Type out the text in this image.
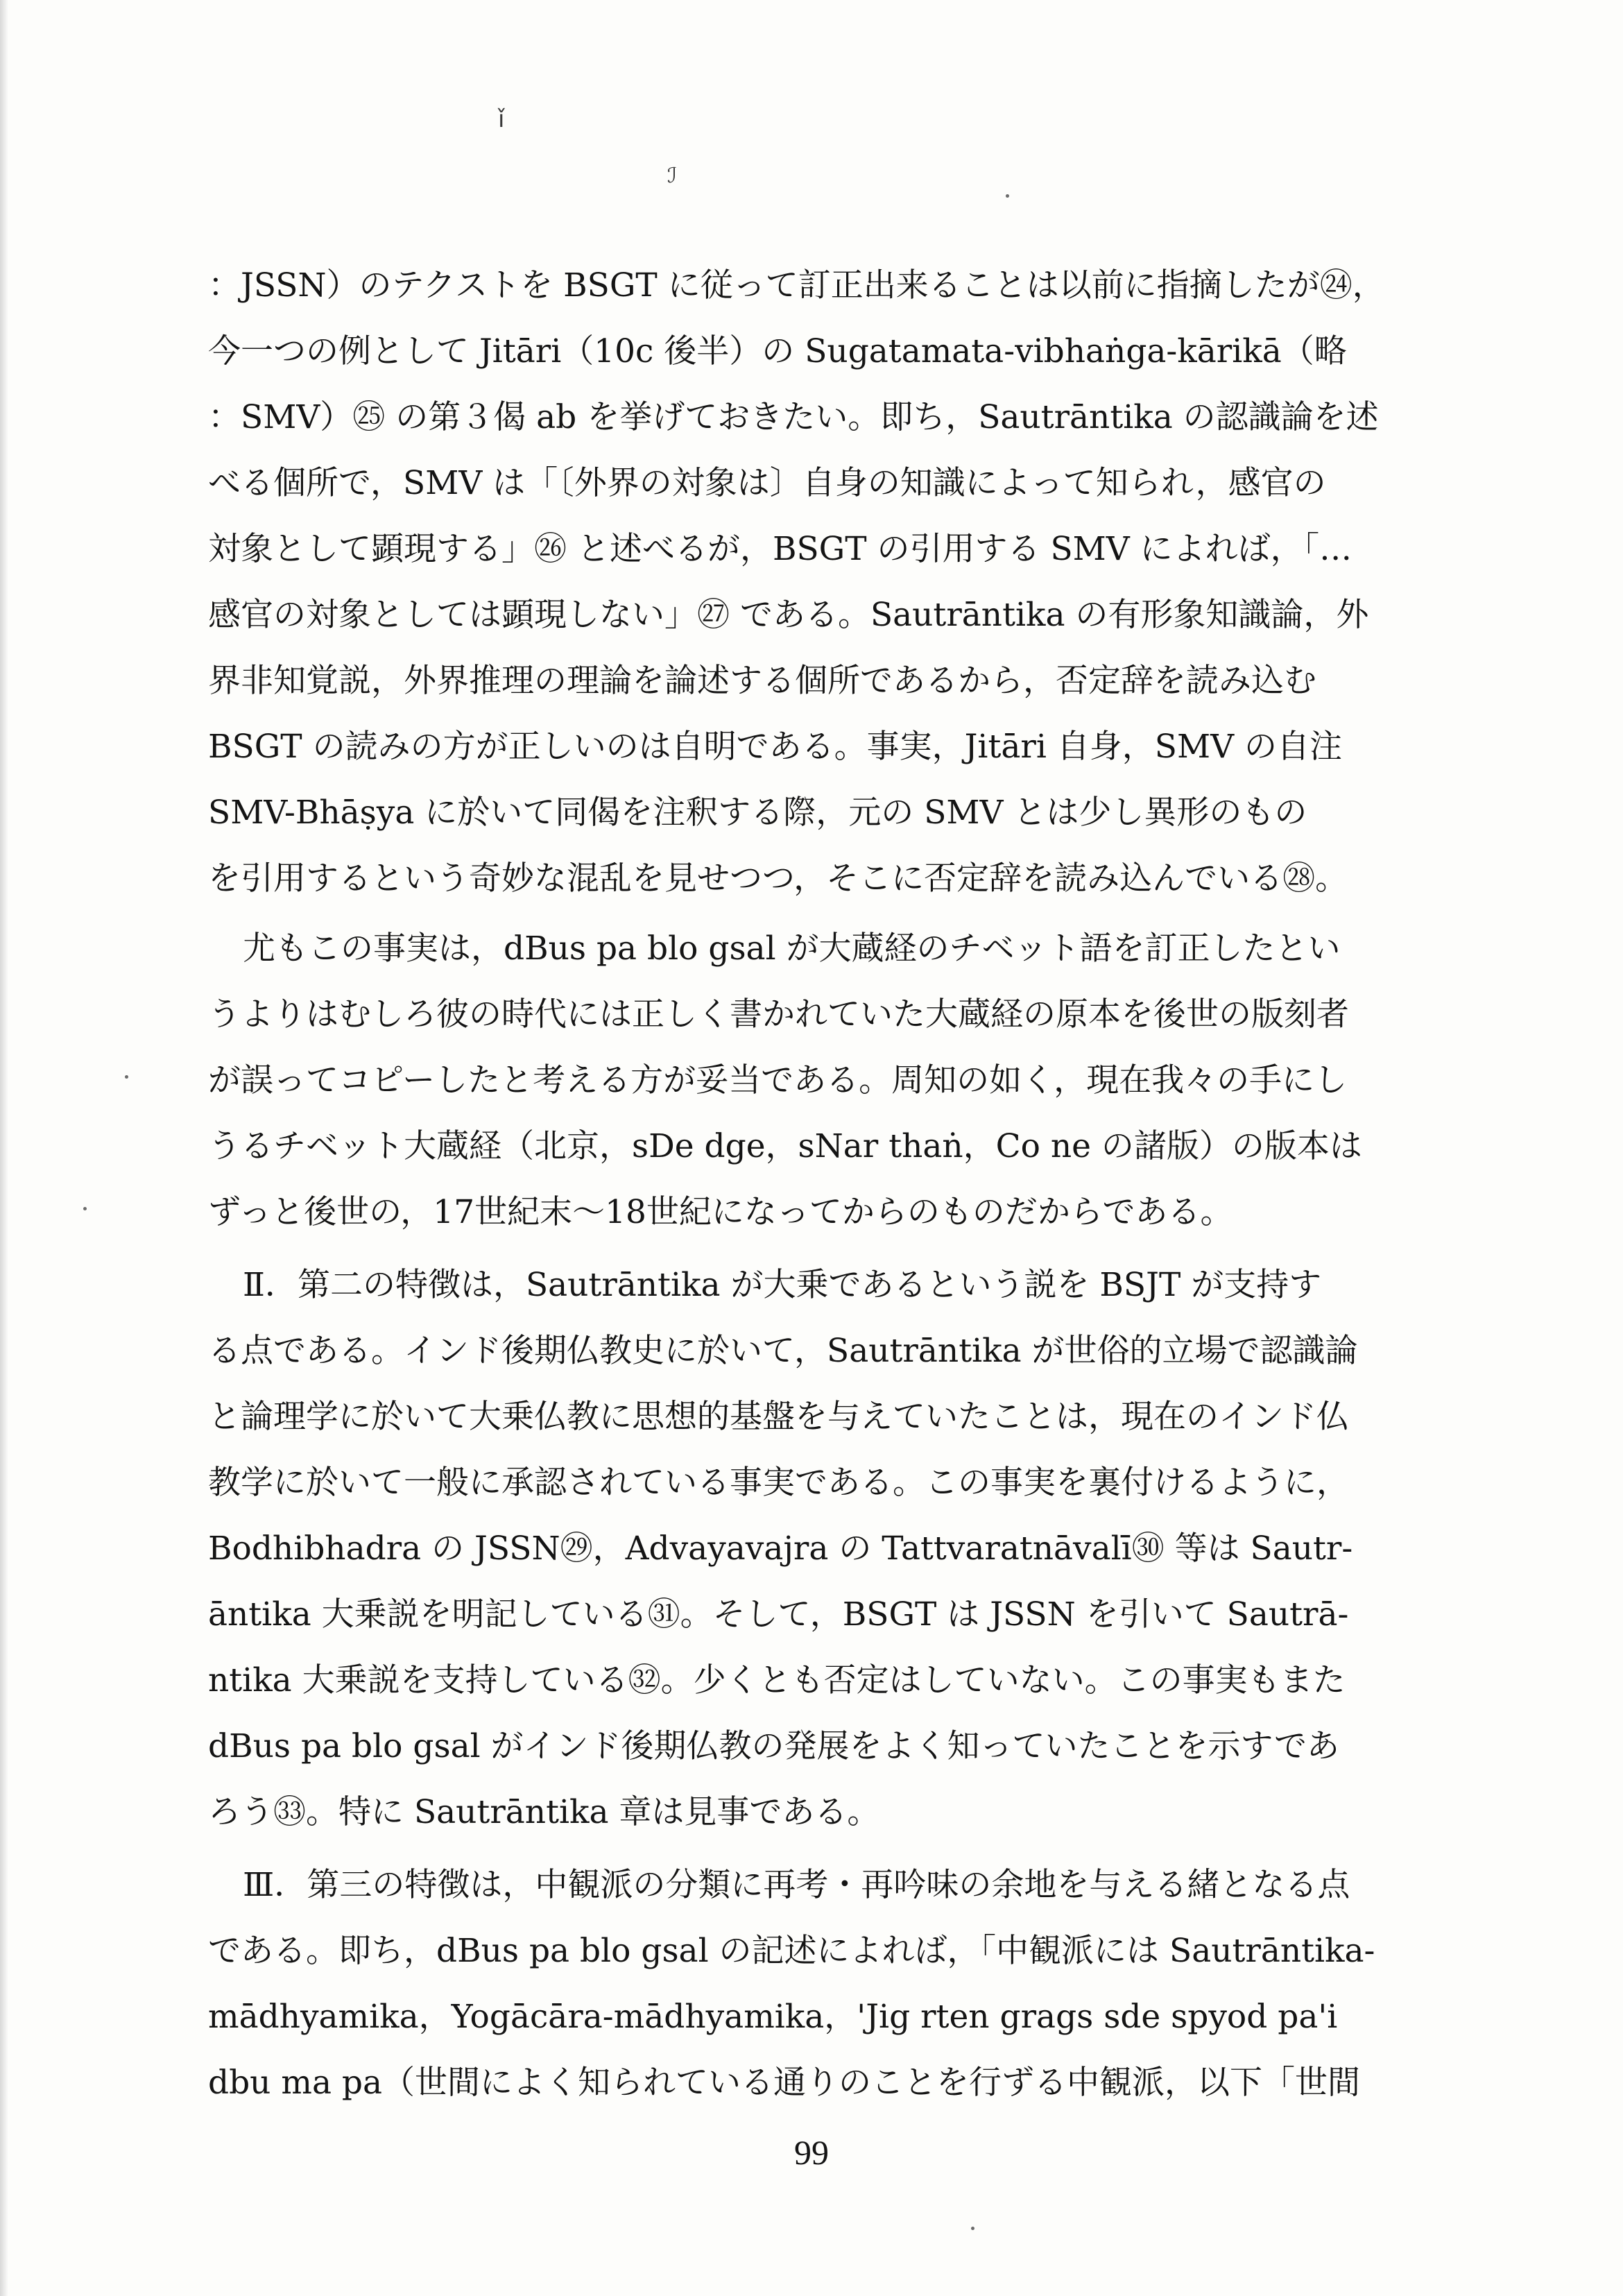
ǐ
ℐ
：JSSN）のテクストを BSGT に従って訂正出来ることは以前に指摘したが㉔，
今一つの例として Jitāri（10c 後半）の Sugatamata-vibhaṅga-kārikā（略
：SMV）㉕ の第３偈 ab を挙げておきたい。即ち，Sautrāntika の認識論を述
べる個所で，SMV は「〔外界の対象は〕自身の知識によって知られ，感官の
対象として顕現する」㉖ と述べるが，BSGT の引用する SMV によれば，「…
感官の対象としては顕現しない」㉗ である。Sautrāntika の有形象知識論，外
界非知覚説，外界推理の理論を論述する個所であるから，否定辞を読み込む
BSGT の読みの方が正しいのは自明である。事実，Jitāri 自身，SMV の自注
SMV-Bhāṣya に於いて同偈を注釈する際，元の SMV とは少し異形のもの
を引用するという奇妙な混乱を見せつつ，そこに否定辞を読み込んでいる㉘。
尤もこの事実は，dBus pa blo gsal が大蔵経のチベット語を訂正したとい
うよりはむしろ彼の時代には正しく書かれていた大蔵経の原本を後世の版刻者
が誤ってコピーしたと考える方が妥当である。周知の如く，現在我々の手にし
うるチベット大蔵経（北京，sDe dge，sNar thaṅ，Co ne の諸版）の版本は
ずっと後世の，17世紀末～18世紀になってからのものだからである。
Ⅱ．第二の特徴は，Sautrāntika が大乗であるという説を BSJT が支持す
る点である。インド後期仏教史に於いて，Sautrāntika が世俗的立場で認識論
と論理学に於いて大乗仏教に思想的基盤を与えていたことは，現在のインド仏
教学に於いて一般に承認されている事実である。この事実を裏付けるように，
Bodhibhadra の JSSN㉙，Advayavajra の Tattvaratnāvalī㉚ 等は Sautr-
āntika 大乗説を明記している㉛。そして，BSGT は JSSN を引いて Sautrā-
ntika 大乗説を支持している㉜。少くとも否定はしていない。この事実もまた
dBus pa blo gsal がインド後期仏教の発展をよく知っていたことを示すであ
ろう㉝。特に Sautrāntika 章は見事である。
Ⅲ．第三の特徴は，中観派の分類に再考・再吟味の余地を与える緒となる点
である。即ち，dBus pa blo gsal の記述によれば，「中観派には Sautrāntika-
mādhyamika，Yogācāra-mādhyamika，'Jig rten grags sde spyod pa'i
dbu ma pa（世間によく知られている通りのことを行ずる中観派，以下「世間
99
